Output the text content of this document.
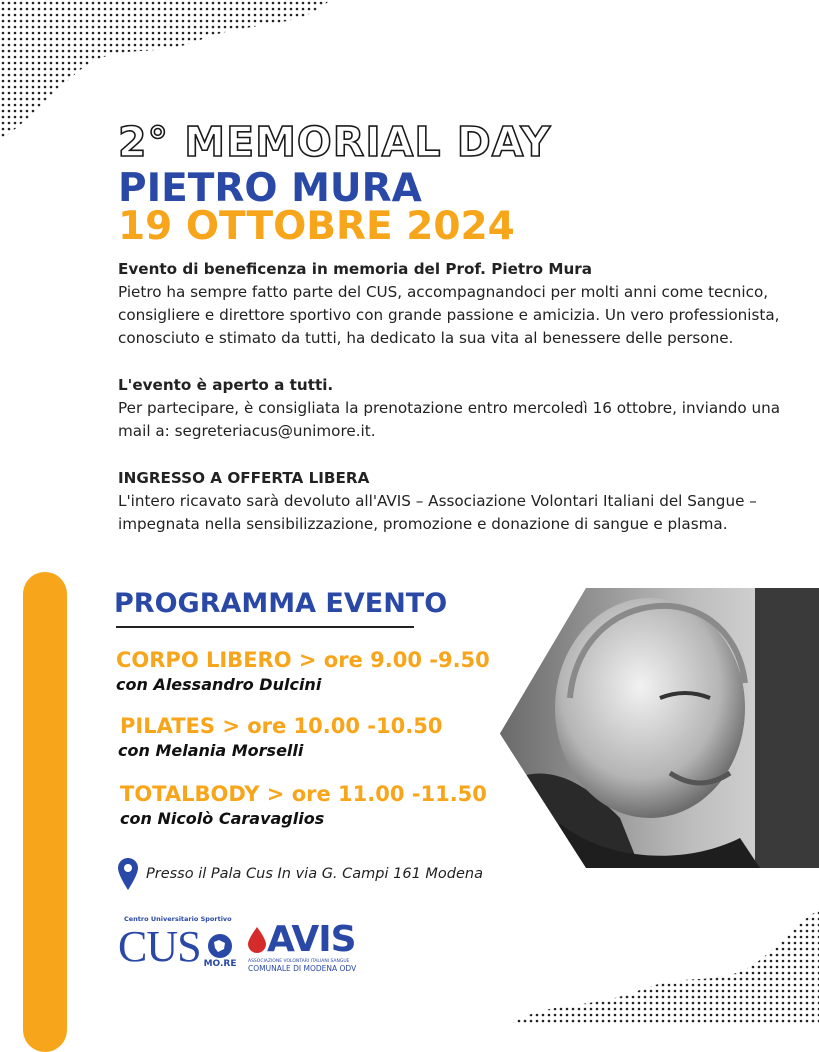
2° MEMORIAL DAY
PIETRO MURA
19 OTTOBRE 2024

Evento di beneficenza in memoria del Prof. Pietro Mura
Pietro ha sempre fatto parte del CUS, accompagnandoci per molti anni come tecnico, consigliere e direttore sportivo con grande passione e amicizia. Un vero professionista, conosciuto e stimato da tutti, ha dedicato la sua vita al benessere delle persone.

L'evento è aperto a tutti.
Per partecipare, è consigliata la prenotazione entro mercoledì 16 ottobre, inviando una mail a: segreteriacus@unimore.it.

INGRESSO A OFFERTA LIBERA
L'intero ricavato sarà devoluto all'AVIS – Associazione Volontari Italiani del Sangue – impegnata nella sensibilizzazione, promozione e donazione di sangue e plasma.

PROGRAMMA EVENTO
CORPO LIBERO > ore 9.00 -9.50
con Alessandro Dulcini
PILATES > ore 10.00 -10.50
con Melania Morselli
TOTALBODY > ore 11.00 -11.50
con Nicolò Caravaglios
Presso il Pala Cus In via G. Campi 161 Modena
Centro Universitario Sportivo
CUS MO.RE
AVIS
ASSOCIAZIONE VOLONTARI ITALIANI SANGUE
COMUNALE DI MODENA ODV
